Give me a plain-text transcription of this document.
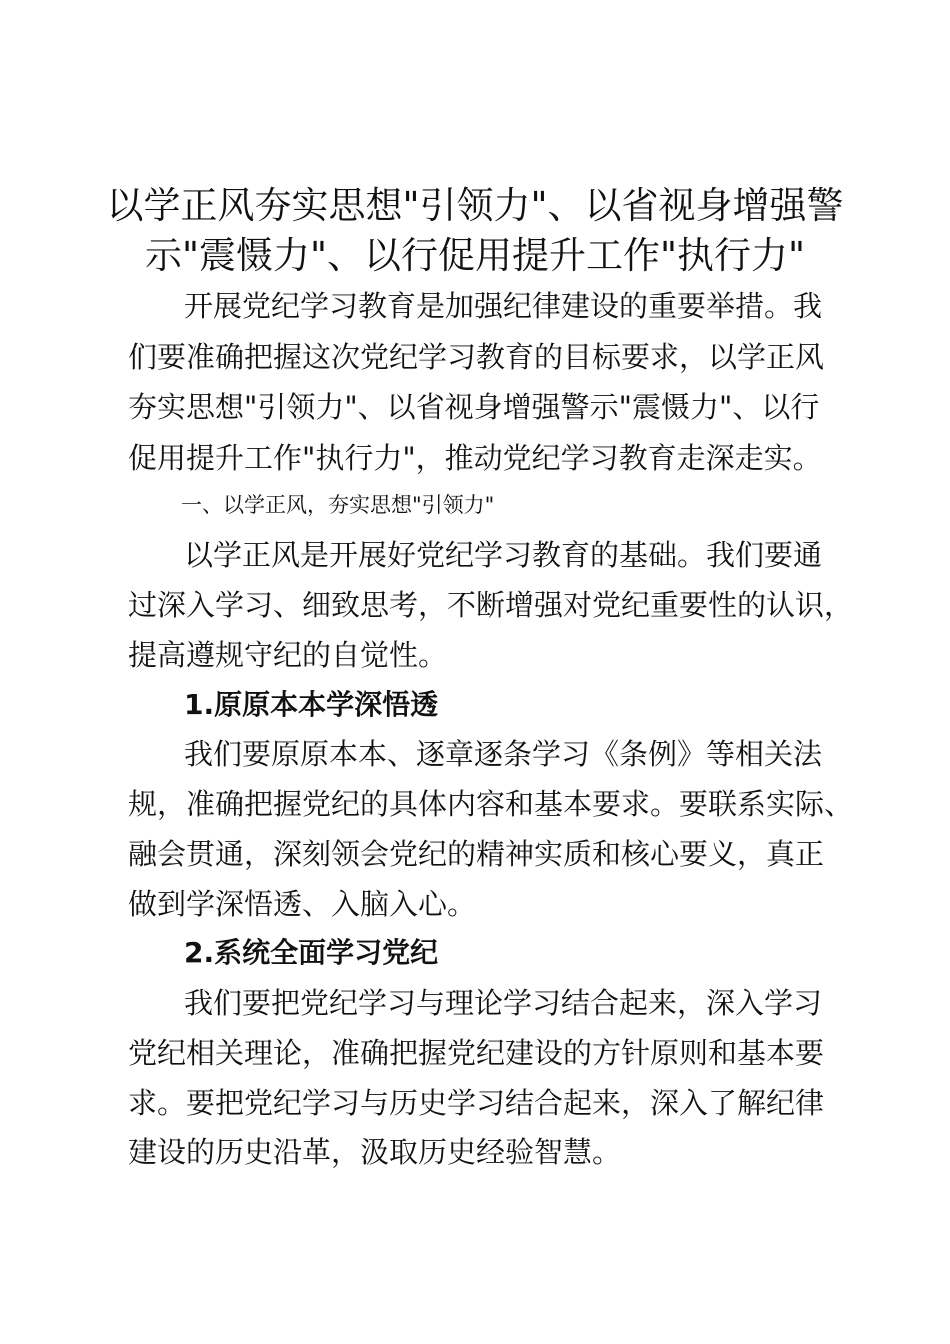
以学正风夯实思想"引领力"、以省视身增强警
示"震慑力"、以行促用提升工作"执行力"
开展党纪学习教育是加强纪律建设的重要举措。我
们要准确把握这次党纪学习教育的目标要求，以学正风
夯实思想"引领力"、以省视身增强警示"震慑力"、以行
促用提升工作"执行力"，推动党纪学习教育走深走实。
一、以学正风，夯实思想"引领力"
以学正风是开展好党纪学习教育的基础。我们要通
过深入学习、细致思考，不断增强对党纪重要性的认识，
提高遵规守纪的自觉性。
1.原原本本学深悟透
我们要原原本本、逐章逐条学习《条例》等相关法
规，准确把握党纪的具体内容和基本要求。要联系实际、
融会贯通，深刻领会党纪的精神实质和核心要义，真正
做到学深悟透、入脑入心。
2.系统全面学习党纪
我们要把党纪学习与理论学习结合起来，深入学习
党纪相关理论，准确把握党纪建设的方针原则和基本要
求。要把党纪学习与历史学习结合起来，深入了解纪律
建设的历史沿革，汲取历史经验智慧。
